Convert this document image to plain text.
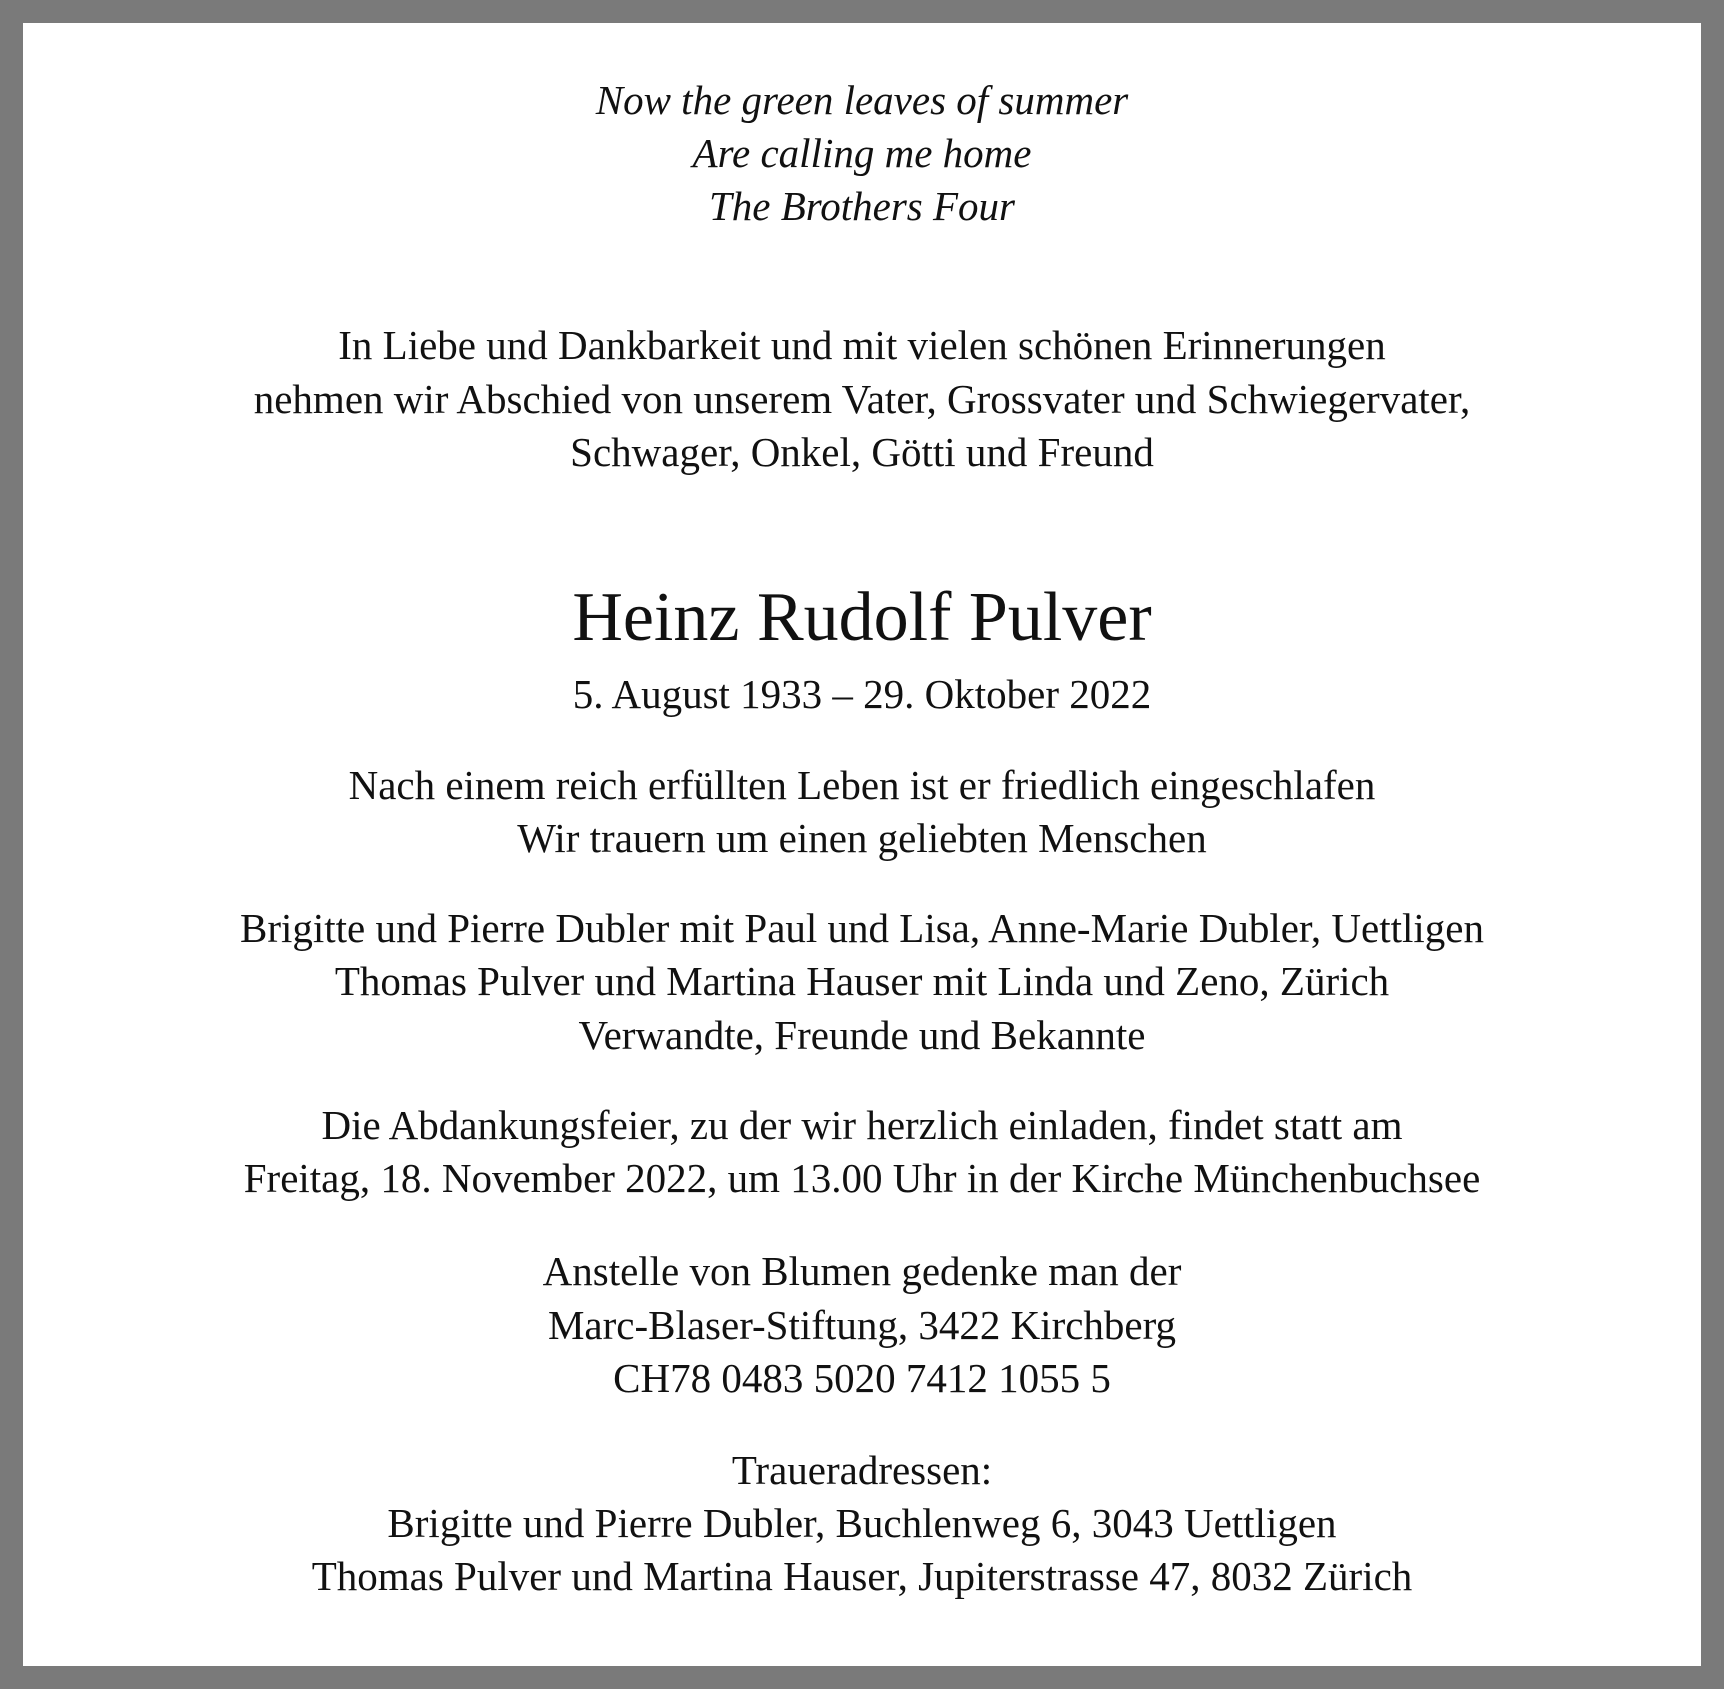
Now the green leaves of summer

Are calling me home

The Brothers Four

In Liebe und Dankbarkeit und mit vielen schönen Erinnerungen

nehmen wir Abschied von unserem Vater, Grossvater und Schwiegervater,

Schwager, Onkel, Götti und Freund

Heinz Rudolf Pulver

5. August 1933 – 29. Oktober 2022

Nach einem reich erfüllten Leben ist er friedlich eingeschlafen

Wir trauern um einen geliebten Menschen

Brigitte und Pierre Dubler mit Paul und Lisa, Anne-Marie Dubler, Uettligen

Thomas Pulver und Martina Hauser mit Linda und Zeno, Zürich

Verwandte, Freunde und Bekannte

Die Abdankungsfeier, zu der wir herzlich einladen, findet statt am

Freitag, 18. November 2022, um 13.00 Uhr in der Kirche Münchenbuchsee

Anstelle von Blumen gedenke man der

Marc-Blaser-Stiftung, 3422 Kirchberg

CH78 0483 5020 7412 1055 5

Traueradressen:

Brigitte und Pierre Dubler, Buchlenweg 6, 3043 Uettligen

Thomas Pulver und Martina Hauser, Jupiterstrasse 47, 8032 Zürich
